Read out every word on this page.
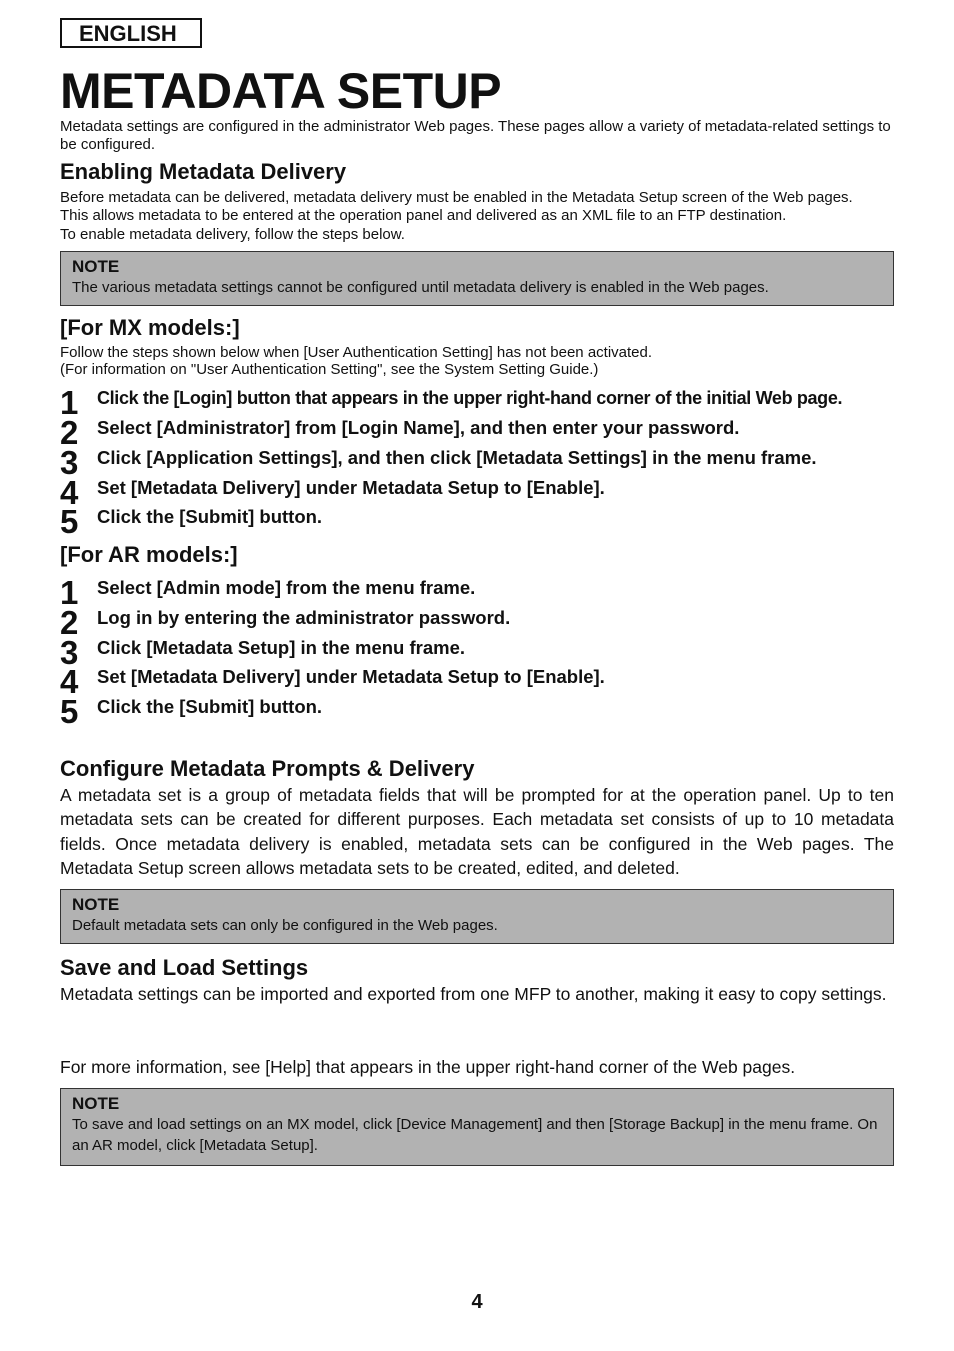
ENGLISH
METADATA SETUP
Metadata settings are configured in the administrator Web pages. These pages allow a variety of metadata-related settings to be configured.
Enabling Metadata Delivery
Before metadata can be delivered, metadata delivery must be enabled in the Metadata Setup screen of the Web pages.
This allows metadata to be entered at the operation panel and delivered as an XML file to an FTP destination.
To enable metadata delivery, follow the steps below.
NOTE
The various metadata settings cannot be configured until metadata delivery is enabled in the Web pages.
[For MX models:]
Follow the steps shown below when [User Authentication Setting] has not been activated.
(For information on "User Authentication Setting", see the System Setting Guide.)
1 Click the [Login] button that appears in the upper right-hand corner of the initial Web page.
2 Select [Administrator] from [Login Name], and then enter your password.
3 Click [Application Settings], and then click [Metadata Settings] in the menu frame.
4 Set [Metadata Delivery] under Metadata Setup to [Enable].
5 Click the [Submit] button.
[For AR models:]
1 Select [Admin mode] from the menu frame.
2 Log in by entering the administrator password.
3 Click [Metadata Setup] in the menu frame.
4 Set [Metadata Delivery] under Metadata Setup to [Enable].
5 Click the [Submit] button.
Configure Metadata Prompts & Delivery
A metadata set is a group of metadata fields that will be prompted for at the operation panel. Up to ten metadata sets can be created for different purposes. Each metadata set consists of up to 10 metadata fields. Once metadata delivery is enabled, metadata sets can be configured in the Web pages. The Metadata Setup screen allows metadata sets to be created, edited, and deleted.
NOTE
Default metadata sets can only be configured in the Web pages.
Save and Load Settings
Metadata settings can be imported and exported from one MFP to another, making it easy to copy settings.
For more information, see [Help] that appears in the upper right-hand corner of the Web pages.
NOTE
To save and load settings on an MX model, click [Device Management] and then [Storage Backup] in the menu frame. On an AR model, click [Metadata Setup].
4
